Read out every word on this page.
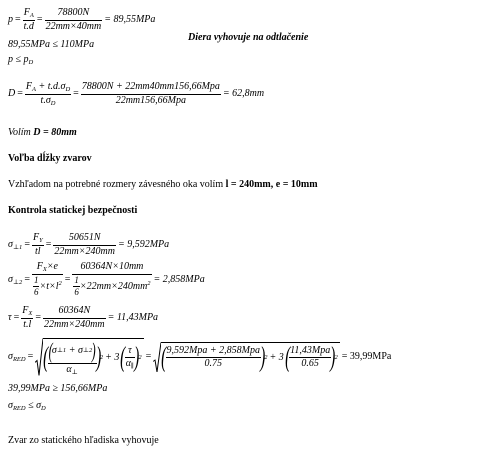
$p = \frac{F_A}{t.d} = \frac{78800N}{22mm\times 40mm} = 89,55MPa$
Diera vyhovuje na odtlačenie
89,55MPa ≤ 110MPa
$p \le p_D$
$D = \frac{F_A + t.d.\sigma_D}{t.\sigma_D} = \frac{\text{78800N + 22mm40mm156,66Mpa}}{\text{22mm156,66Mpa}} = 62,8mm$
Volím D = 80mm
Voľba dĺžky zvarov
Vzhľadom na potrebné rozmery závesného oka volím l = 240mm, e = 10mm
Kontrola statickej bezpečnosti
$\sigma_{\perp 1} = \frac{F_Y}{tl} = \frac{50651N}{22mm\times 240mm} = 9,592MPa$
$\sigma_{\perp 2} = \frac{F_X\times e}{\frac{1}{6} \times t\times l^2} = \frac{60364N\times 10mm}{\frac{1}{6} \times 22mm\times 240mm^2} = 2,858MPa$
$\tau = \frac{F_X}{t.l} = \frac{60364N}{22mm\times 240mm} = 11,43MPa$
$\sigma_{RED}$ = ( $\frac{( \sigma \perp 1 + \sigma \perp 2 )}{\alpha_\perp}$ ) 2 + 3 ( $\frac{\tau}{\alpha_\parallel}$ ) 2 = ( $\frac{\text{9,592Mpa + 2,858Mpa}}{0.75}$ ) 2 + 3 ( $\frac{\text{11,43Mpa}}{0.65}$ ) 2 = 39,99MPa
39,99MPa ≥ 156,66MPa
$\sigma_{RED} \le \sigma_D$
Zvar zo statického hľadiska vyhovuje
